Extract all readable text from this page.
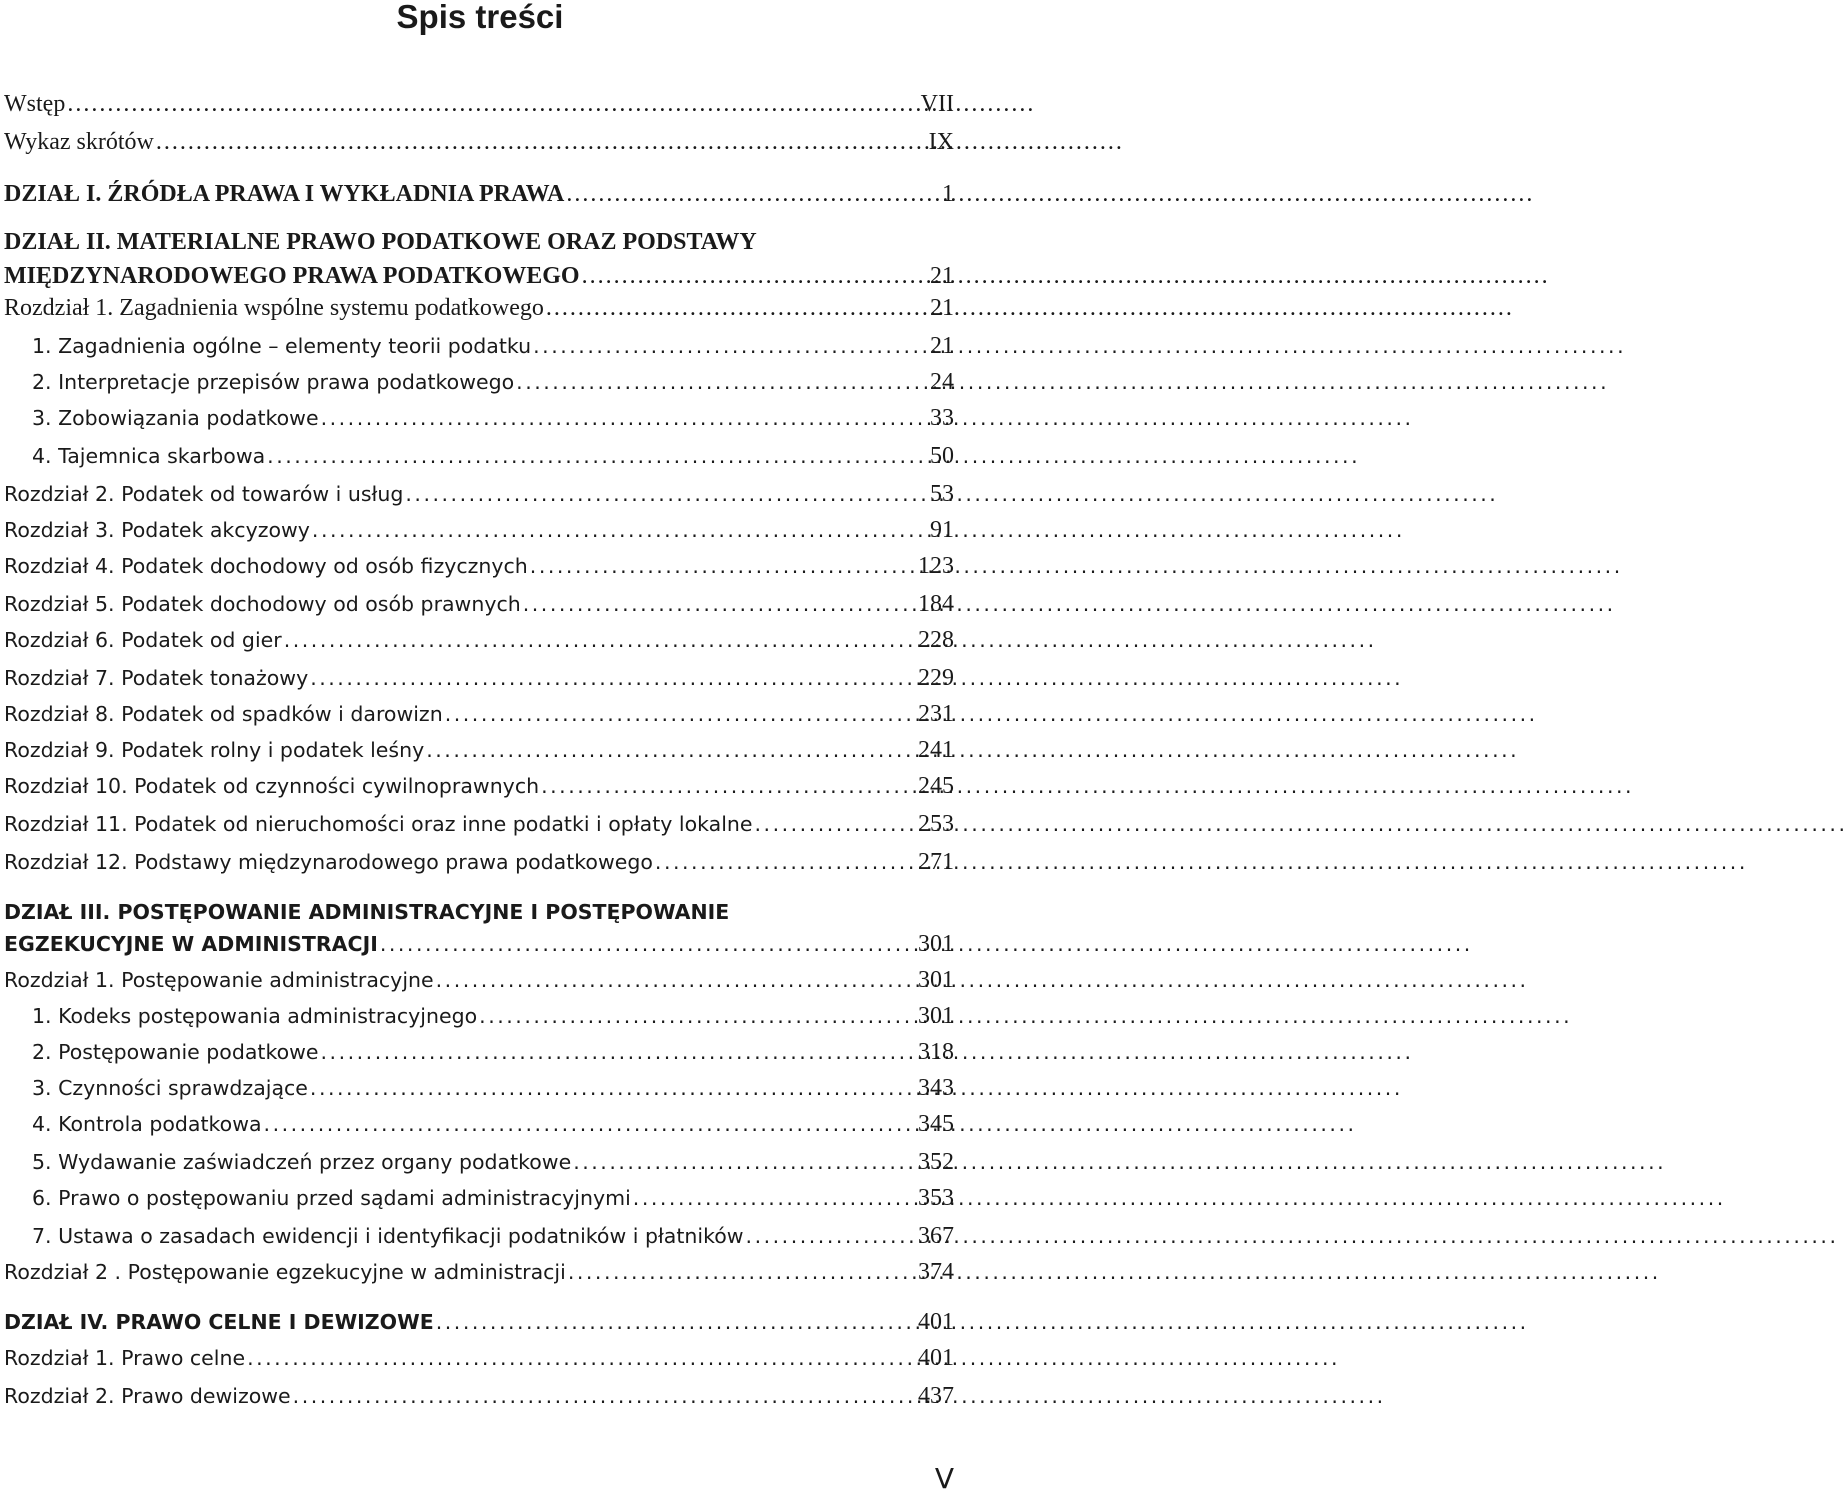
Spis treści
Wstęp . . .	VII
Wykaz skrótów . . .	IX
DZIAŁ I. ŹRÓDŁA PRAWA I WYKŁADNIA PRAWA . . .	1
DZIAŁ II. MATERIALNE PRAWO PODATKOWE ORAZ PODSTAWY
MIĘDZYNARODOWEGO PRAWA PODATKOWEGO . . .	21
Rozdział 1. Zagadnienia wspólne systemu podatkowego . . .	21
1. Zagadnienia ogólne – elementy teorii podatku . . .	21
2. Interpretacje przepisów prawa podatkowego . . .	24
3. Zobowiązania podatkowe . . .	33
4. Tajemnica skarbowa . . .	50
Rozdział 2. Podatek od towarów i usług . . .	53
Rozdział 3. Podatek akcyzowy . . .	91
Rozdział 4. Podatek dochodowy od osób fizycznych . . .	123
Rozdział 5. Podatek dochodowy od osób prawnych . . .	184
Rozdział 6. Podatek od gier . . .	228
Rozdział 7. Podatek tonażowy . . .	229
Rozdział 8. Podatek od spadków i darowizn . . .	231
Rozdział 9. Podatek rolny i podatek leśny . . .	241
Rozdział 10. Podatek od czynności cywilnoprawnych . . .	245
Rozdział 11. Podatek od nieruchomości oraz inne podatki i opłaty lokalne . . .	253
Rozdział 12. Podstawy międzynarodowego prawa podatkowego . . .	271
DZIAŁ III. POSTĘPOWANIE ADMINISTRACYJNE I POSTĘPOWANIE
EGZEKUCYJNE W ADMINISTRACJI . . .	301
Rozdział 1. Postępowanie administracyjne . . .	301
1. Kodeks postępowania administracyjnego . . .	301
2. Postępowanie podatkowe . . .	318
3. Czynności sprawdzające . . .	343
4. Kontrola podatkowa . . .	345
5. Wydawanie zaświadczeń przez organy podatkowe . . .	352
6. Prawo o postępowaniu przed sądami administracyjnymi . . .	353
7. Ustawa o zasadach ewidencji i identyfikacji podatników i płatników . . .	367
Rozdział 2 . Postępowanie egzekucyjne w administracji . . .	374
DZIAŁ IV. PRAWO CELNE I DEWIZOWE . . .	401
Rozdział 1. Prawo celne . . .	401
Rozdział 2. Prawo dewizowe . . .	437
V
